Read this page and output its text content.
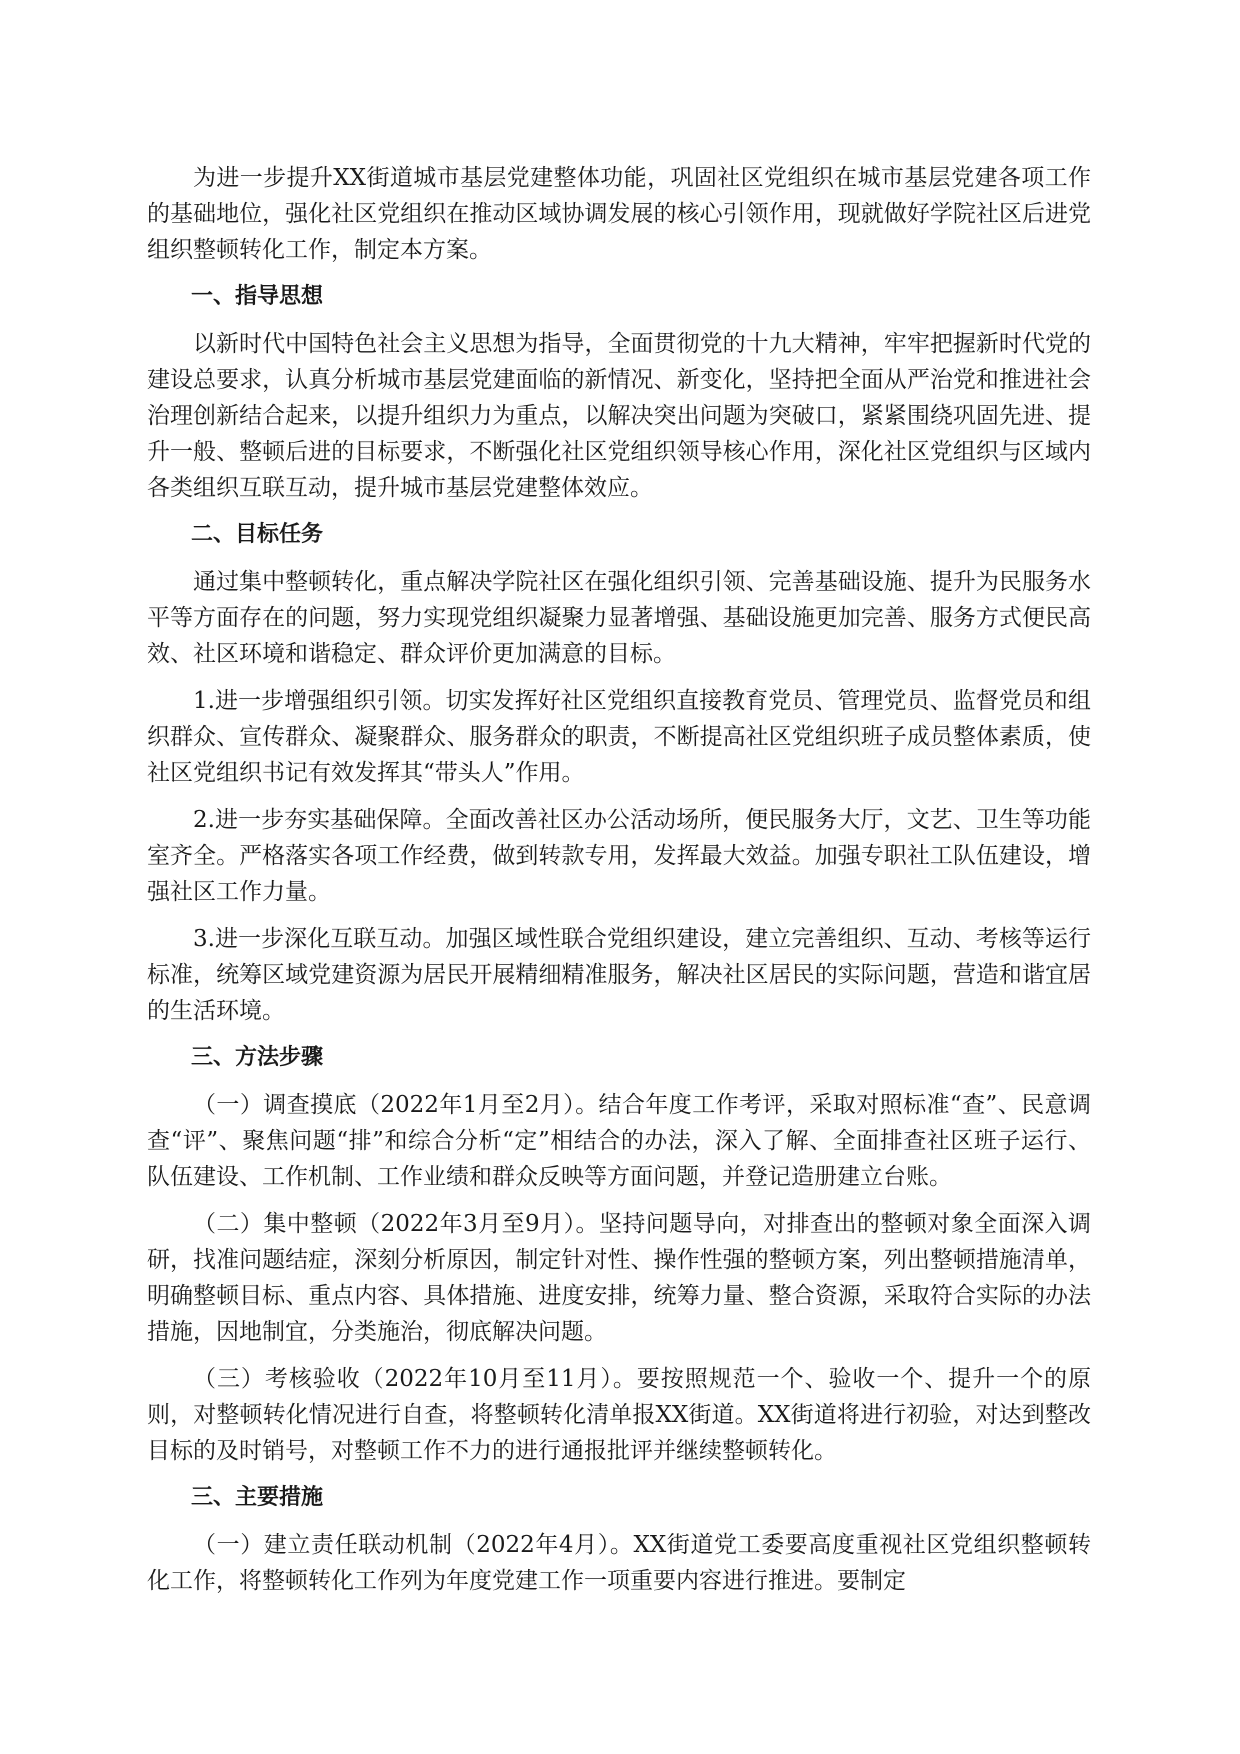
为进一步提升XX街道城市基层党建整体功能，巩固社区党组织在城市基层党建各项工作的基础地位，强化社区党组织在推动区域协调发展的核心引领作用，现就做好学院社区后进党组织整顿转化工作，制定本方案。

一、指导思想

以新时代中国特色社会主义思想为指导，全面贯彻党的十九大精神，牢牢把握新时代党的建设总要求，认真分析城市基层党建面临的新情况、新变化，坚持把全面从严治党和推进社会治理创新结合起来，以提升组织力为重点，以解决突出问题为突破口，紧紧围绕巩固先进、提升一般、整顿后进的目标要求，不断强化社区党组织领导核心作用，深化社区党组织与区域内各类组织互联互动，提升城市基层党建整体效应。

二、目标任务

通过集中整顿转化，重点解决学院社区在强化组织引领、完善基础设施、提升为民服务水平等方面存在的问题，努力实现党组织凝聚力显著增强、基础设施更加完善、服务方式便民高效、社区环境和谐稳定、群众评价更加满意的目标。

1.进一步增强组织引领。切实发挥好社区党组织直接教育党员、管理党员、监督党员和组织群众、宣传群众、凝聚群众、服务群众的职责，不断提高社区党组织班子成员整体素质，使社区党组织书记有效发挥其“带头人”作用。

2.进一步夯实基础保障。全面改善社区办公活动场所，便民服务大厅，文艺、卫生等功能室齐全。严格落实各项工作经费，做到转款专用，发挥最大效益。加强专职社工队伍建设，增强社区工作力量。

3.进一步深化互联互动。加强区域性联合党组织建设，建立完善组织、互动、考核等运行标准，统筹区域党建资源为居民开展精细精准服务，解决社区居民的实际问题，营造和谐宜居的生活环境。

三、方法步骤

（一）调查摸底（2022年1月至2月）。结合年度工作考评，采取对照标准“查”、民意调查“评”、聚焦问题“排”和综合分析“定”相结合的办法，深入了解、全面排查社区班子运行、队伍建设、工作机制、工作业绩和群众反映等方面问题，并登记造册建立台账。

（二）集中整顿（2022年3月至9月）。坚持问题导向，对排查出的整顿对象全面深入调研，找准问题结症，深刻分析原因，制定针对性、操作性强的整顿方案，列出整顿措施清单，明确整顿目标、重点内容、具体措施、进度安排，统筹力量、整合资源，采取符合实际的办法措施，因地制宜，分类施治，彻底解决问题。

（三）考核验收（2022年10月至11月）。要按照规范一个、验收一个、提升一个的原则，对整顿转化情况进行自查，将整顿转化清单报XX街道。XX街道将进行初验，对达到整改目标的及时销号，对整顿工作不力的进行通报批评并继续整顿转化。

三、主要措施

（一）建立责任联动机制（2022年4月）。XX街道党工委要高度重视社区党组织整顿转化工作，将整顿转化工作列为年度党建工作一项重要内容进行推进。要制定
